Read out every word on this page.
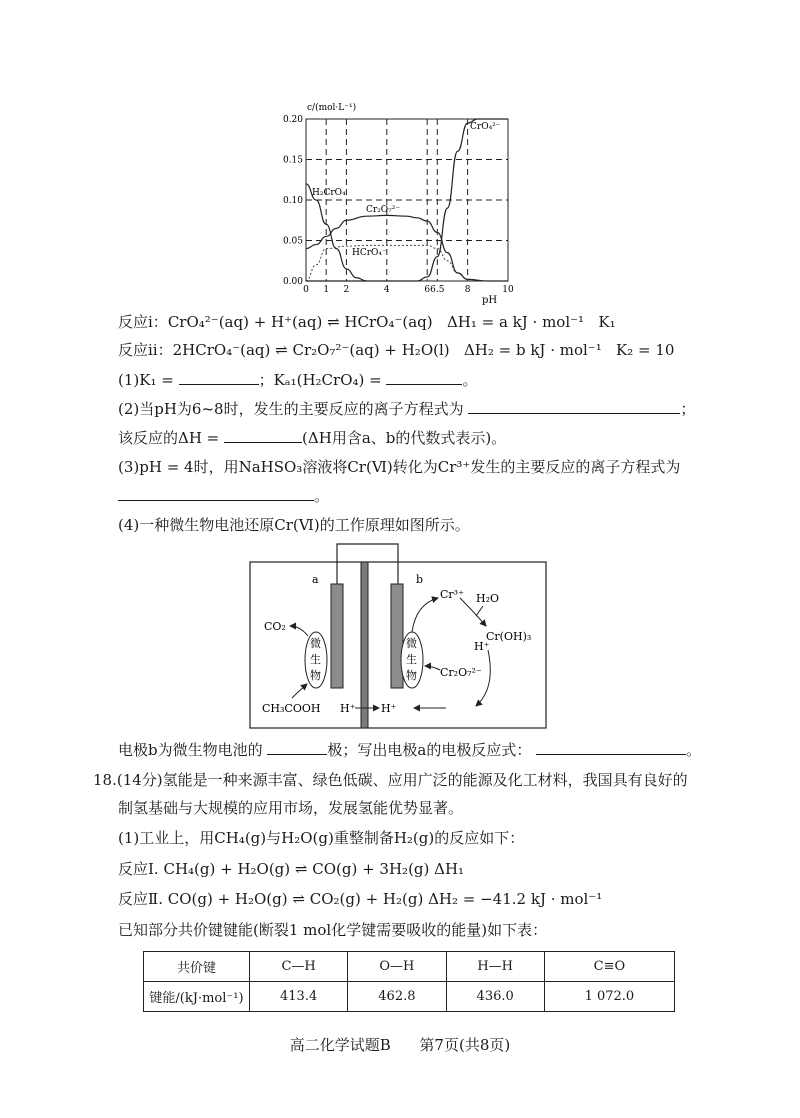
c/(mol·L⁻¹)
pH
0 1 2	4	6 6.5 8	10
0.00
0.05
0.10
0.15
0.20
H₂CrO₄
HCrO₄⁻
Cr₂O₇²⁻
CrO₄²⁻
反应ⅰ：CrO₄²⁻(aq) + H⁺(aq) ⇌ HCrO₄⁻(aq) ΔH₁ = a kJ · mol⁻¹ K₁
反应ⅱ：2HCrO₄⁻(aq) ⇌ Cr₂O₇²⁻(aq) + H₂O(l) ΔH₂ = b kJ · mol⁻¹ K₂ = 10
(1)K₁ =	；Kₐ₁(H₂CrO₄) =	。
(2)当pH为6~8时，发生的主要反应的离子方程式为	；
该反应的ΔH =	(ΔH用含a、b的代数式表示)。
(3)pH = 4时，用NaHSO₃溶液将Cr(Ⅵ)转化为Cr³⁺发生的主要反应的离子方程式为
。
(4)一种微生物电池还原Cr(Ⅵ)的工作原理如图所示。
a	b
微
生
物
微
生
物
CO₂
CH₃COOH H⁺ H⁺
Cr³⁺ H₂O
Cr(OH)₃
H⁺
Cr₂O₇²⁻
电极b为微生物电池的	极；写出电极a的电极反应式：	。
18.(14分)氢能是一种来源丰富、绿色低碳、应用广泛的能源及化工材料，我国具有良好的
制氢基础与大规模的应用市场，发展氢能优势显著。
(1)工业上，用CH₄(g)与H₂O(g)重整制备H₂(g)的反应如下：
反应Ⅰ. CH₄(g) + H₂O(g) ⇌ CO(g) + 3H₂(g) ΔH₁
反应Ⅱ. CO(g) + H₂O(g) ⇌ CO₂(g) + H₂(g) ΔH₂ = −41.2 kJ · mol⁻¹
已知部分共价键键能(断裂1 mol化学键需要吸收的能量)如下表：
共价键	C—H	O—H	H—H	C≡O
键能/(kJ·mol⁻¹)	413.4	462.8	436.0	1 072.0
高二化学试题B 第7页(共8页)
